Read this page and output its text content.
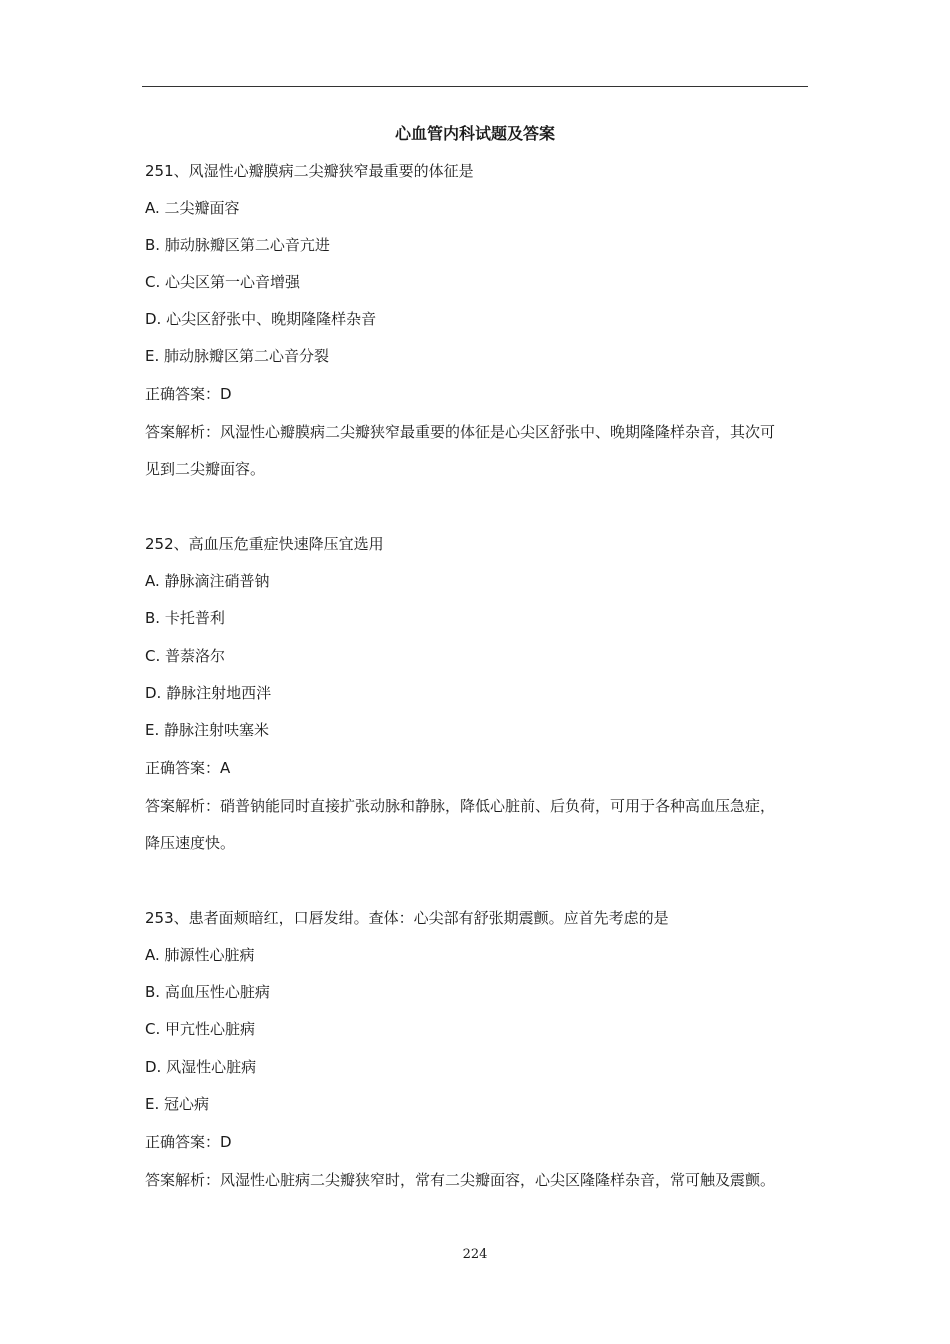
心血管内科试题及答案
251、风湿性心瓣膜病二尖瓣狭窄最重要的体征是
A. 二尖瓣面容
B. 肺动脉瓣区第二心音亢进
C. 心尖区第一心音增强
D. 心尖区舒张中、晚期隆隆样杂音
E. 肺动脉瓣区第二心音分裂
正确答案：D
答案解析：风湿性心瓣膜病二尖瓣狭窄最重要的体征是心尖区舒张中、晚期隆隆样杂音，其次可
见到二尖瓣面容。
252、高血压危重症快速降压宜选用
A. 静脉滴注硝普钠
B. 卡托普利
C. 普萘洛尔
D. 静脉注射地西泮
E. 静脉注射呋塞米
正确答案：A
答案解析：硝普钠能同时直接扩张动脉和静脉，降低心脏前、后负荷，可用于各种高血压急症，
降压速度快。
253、患者面颊暗红，口唇发绀。查体：心尖部有舒张期震颤。应首先考虑的是
A. 肺源性心脏病
B. 高血压性心脏病
C. 甲亢性心脏病
D. 风湿性心脏病
E. 冠心病
正确答案：D
答案解析：风湿性心脏病二尖瓣狭窄时，常有二尖瓣面容，心尖区隆隆样杂音，常可触及震颤。
224
